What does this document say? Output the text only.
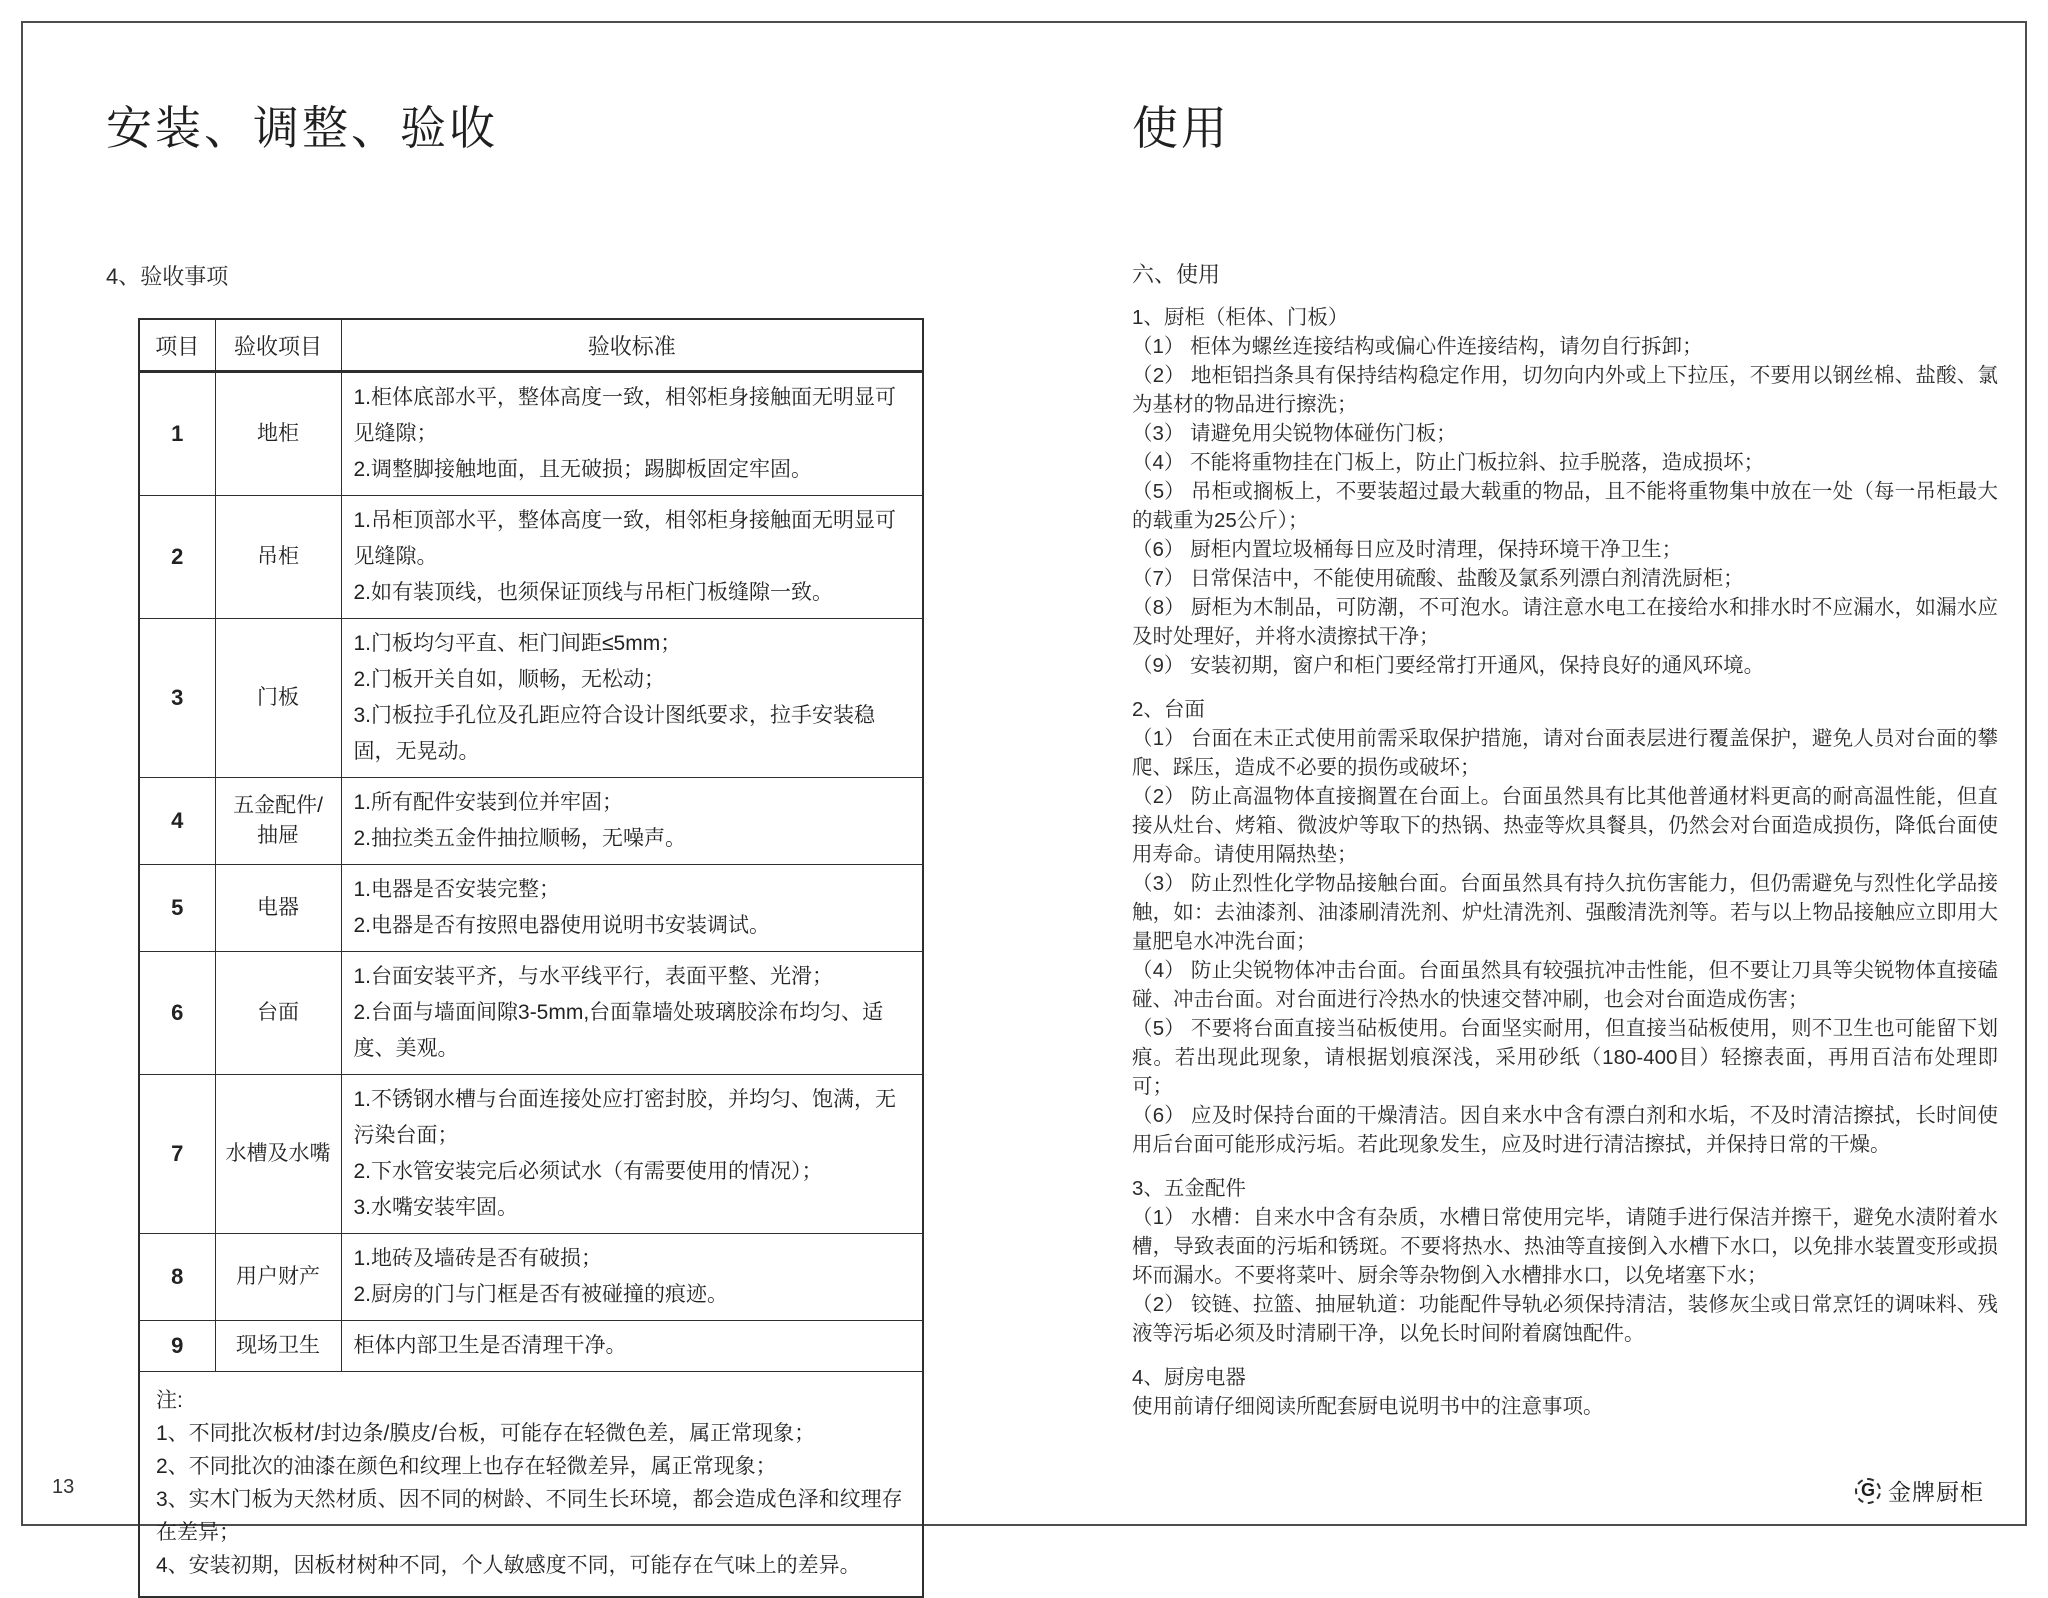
安装、调整、验收	使用
4、验收事项
项目	验收项目	验收标准
1	地柜	1.柜体底部水平，整体高度一致，相邻柜身接触面无明显可见缝隙；
2.调整脚接触地面，且无破损；踢脚板固定牢固。

2	吊柜	1.吊柜顶部水平，整体高度一致，相邻柜身接触面无明显可见缝隙。
2.如有装顶线，也须保证顶线与吊柜门板缝隙一致。

3	门板	1.门板均匀平直、柜门间距≤5mm；
2.门板开关自如，顺畅，无松动；
3.门板拉手孔位及孔距应符合设计图纸要求，拉手安装稳固，无晃动。

4	五金配件/抽屉	1.所有配件安装到位并牢固；
2.抽拉类五金件抽拉顺畅，无噪声。

5	电器	1.电器是否安装完整；
2.电器是否有按照电器使用说明书安装调试。

6	台面	1.台面安装平齐，与水平线平行，表面平整、光滑；
2.台面与墙面间隙3-5mm,台面靠墙处玻璃胶涂布均匀、适度、美观。

7	水槽及水嘴	1.不锈钢水槽与台面连接处应打密封胶，并均匀、饱满，无污染台面；
2.下水管安装完后必须试水（有需要使用的情况）；
3.水嘴安装牢固。

8	用户财产	1.地砖及墙砖是否有破损；
2.厨房的门与门框是否有被碰撞的痕迹。

9	现场卫生	柜体内部卫生是否清理干净。

注:
1、不同批次板材/封边条/膜皮/台板，可能存在轻微色差，属正常现象；
2、不同批次的油漆在颜色和纹理上也存在轻微差异，属正常现象；
3、实木门板为天然材质、因不同的树龄、不同生长环境，都会造成色泽和纹理存在差异；
4、安装初期，因板材树种不同，个人敏感度不同，可能存在气味上的差异。		
六、使用
1、厨柜（柜体、门板）

（1） 柜体为螺丝连接结构或偏心件连接结构，请勿自行拆卸；

（2） 地柜铝挡条具有保持结构稳定作用，切勿向内外或上下拉压，不要用以钢丝棉、盐酸、氯为基材的物品进行擦洗；

（3） 请避免用尖锐物体碰伤门板；

（4） 不能将重物挂在门板上，防止门板拉斜、拉手脱落，造成损坏；

（5） 吊柜或搁板上，不要装超过最大载重的物品，且不能将重物集中放在一处（每一吊柜最大的载重为25公斤）；

（6） 厨柜内置垃圾桶每日应及时清理，保持环境干净卫生；

（7） 日常保洁中，不能使用硫酸、盐酸及氯系列漂白剂清洗厨柜；

（8） 厨柜为木制品，可防潮，不可泡水。请注意水电工在接给水和排水时不应漏水，如漏水应及时处理好，并将水渍擦拭干净；

（9） 安装初期，窗户和柜门要经常打开通风，保持良好的通风环境。

2、台面

（1） 台面在未正式使用前需采取保护措施，请对台面表层进行覆盖保护，避免人员对台面的攀爬、踩压，造成不必要的损伤或破坏；

（2） 防止高温物体直接搁置在台面上。台面虽然具有比其他普通材料更高的耐高温性能，但直接从灶台、烤箱、微波炉等取下的热锅、热壶等炊具餐具，仍然会对台面造成损伤，降低台面使用寿命。请使用隔热垫；

（3） 防止烈性化学物品接触台面。台面虽然具有持久抗伤害能力，但仍需避免与烈性化学品接触，如：去油漆剂、油漆刷清洗剂、炉灶清洗剂、强酸清洗剂等。若与以上物品接触应立即用大量肥皂水冲洗台面；

（4） 防止尖锐物体冲击台面。台面虽然具有较强抗冲击性能，但不要让刀具等尖锐物体直接磕碰、冲击台面。对台面进行冷热水的快速交替冲刷，也会对台面造成伤害；

（5） 不要将台面直接当砧板使用。台面坚实耐用，但直接当砧板使用，则不卫生也可能留下划痕。若出现此现象，请根据划痕深浅，采用砂纸（180-400目）轻擦表面，再用百洁布处理即可；

（6） 应及时保持台面的干燥清洁。因自来水中含有漂白剂和水垢，不及时清洁擦拭，长时间使用后台面可能形成污垢。若此现象发生，应及时进行清洁擦拭，并保持日常的干燥。

3、五金配件

（1） 水槽：自来水中含有杂质，水槽日常使用完毕，请随手进行保洁并擦干，避免水渍附着水槽，导致表面的污垢和锈斑。不要将热水、热油等直接倒入水槽下水口，以免排水装置变形或损坏而漏水。不要将菜叶、厨余等杂物倒入水槽排水口，以免堵塞下水；

（2） 铰链、拉篮、抽屉轨道：功能配件导轨必须保持清洁，装修灰尘或日常烹饪的调味料、残液等污垢必须及时清刷干净，以免长时间附着腐蚀配件。

4、厨房电器

使用前请仔细阅读所配套厨电说明书中的注意事项。

13	G 金牌厨柜
